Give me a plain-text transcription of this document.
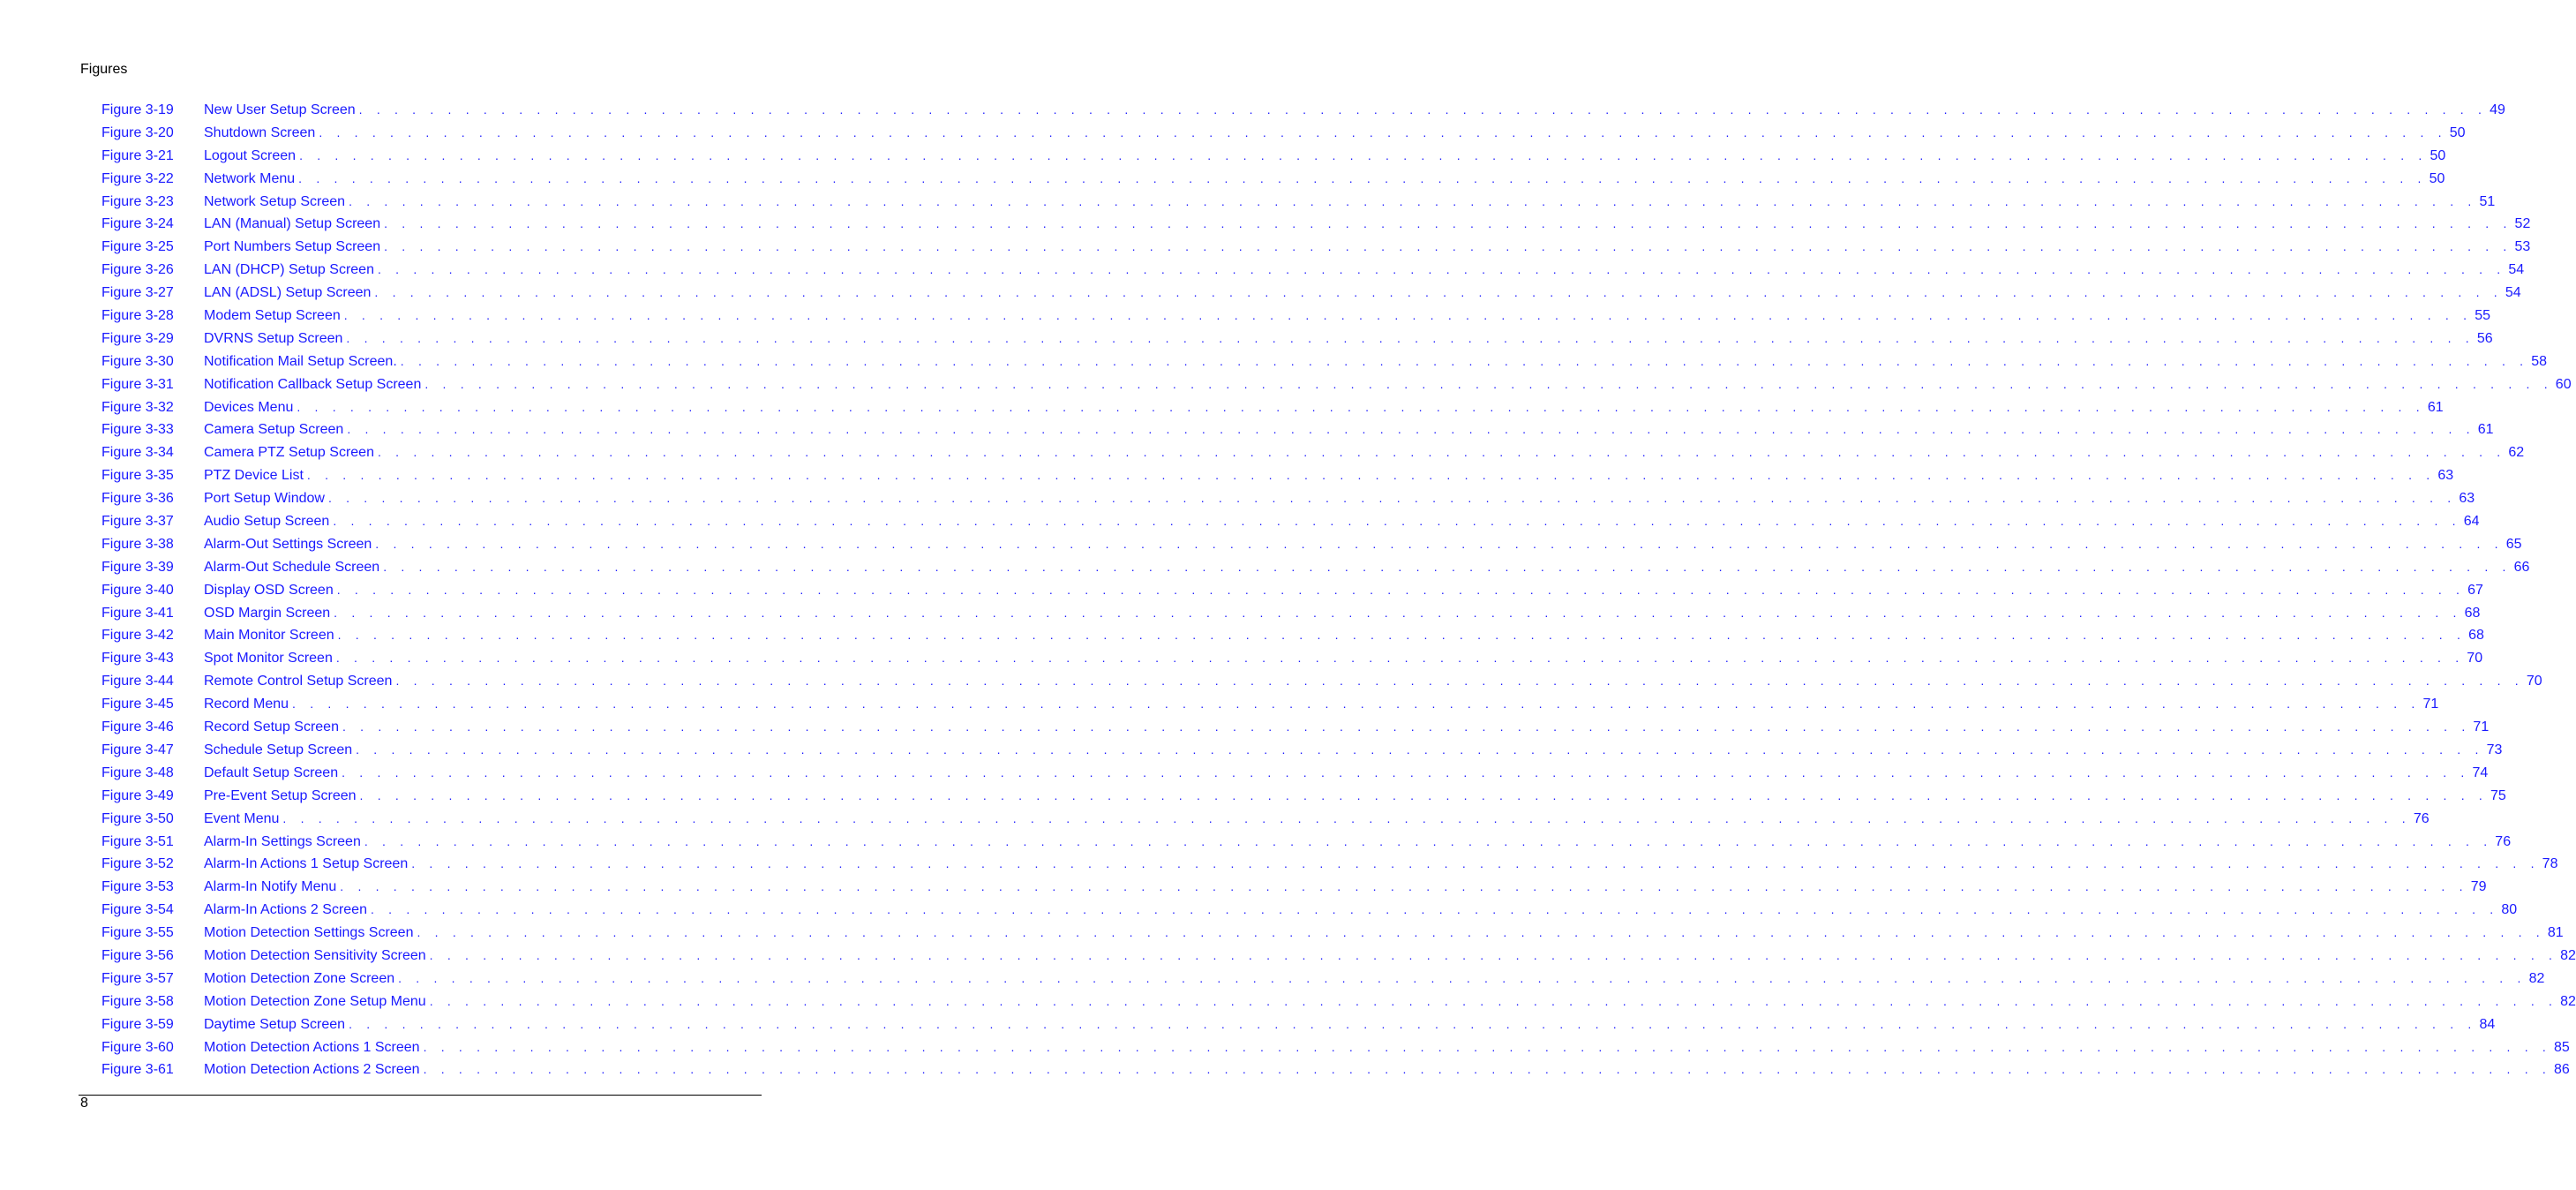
Figures
Figure 3-19	New User Setup Screen . . . . . . . . . . . . . . . . . . . . . . . . . . . . . . . . . . . . . . . . . . . . . . . . . . . . . . . . . . . . . . . . . . . . . . . . . . . . . . . . . . . . . . . . . . . . . . . . . . . . . . . . . . . . . . . . . . . . . . . . 49
Figure 3-20	Shutdown Screen . . . . . . . . . . . . . . . . . . . . . . . . . . . . . . . . . . . . . . . . . . . . . . . . . . . . . . . . . . . . . . . . . . . . . . . . . . . . . . . . . . . . . . . . . . . . . . . . . . . . . . . . . . . . . . . . . . . . . . . . 50
Figure 3-21	Logout Screen . . . . . . . . . . . . . . . . . . . . . . . . . . . . . . . . . . . . . . . . . . . . . . . . . . . . . . . . . . . . . . . . . . . . . . . . . . . . . . . . . . . . . . . . . . . . . . . . . . . . . . . . . . . . . . . . . . . . . . . . 50
Figure 3-22	Network Menu . . . . . . . . . . . . . . . . . . . . . . . . . . . . . . . . . . . . . . . . . . . . . . . . . . . . . . . . . . . . . . . . . . . . . . . . . . . . . . . . . . . . . . . . . . . . . . . . . . . . . . . . . . . . . . . . . . . . . . . . 50
Figure 3-23	Network Setup Screen . . . . . . . . . . . . . . . . . . . . . . . . . . . . . . . . . . . . . . . . . . . . . . . . . . . . . . . . . . . . . . . . . . . . . . . . . . . . . . . . . . . . . . . . . . . . . . . . . . . . . . . . . . . . . . . . . . . . . . . . 51
Figure 3-24	LAN (Manual) Setup Screen . . . . . . . . . . . . . . . . . . . . . . . . . . . . . . . . . . . . . . . . . . . . . . . . . . . . . . . . . . . . . . . . . . . . . . . . . . . . . . . . . . . . . . . . . . . . . . . . . . . . . . . . . . . . . . . . . . . . . . . . 52
Figure 3-25	Port Numbers Setup Screen . . . . . . . . . . . . . . . . . . . . . . . . . . . . . . . . . . . . . . . . . . . . . . . . . . . . . . . . . . . . . . . . . . . . . . . . . . . . . . . . . . . . . . . . . . . . . . . . . . . . . . . . . . . . . . . . . . . . . . . . 53
Figure 3-26	LAN (DHCP) Setup Screen . . . . . . . . . . . . . . . . . . . . . . . . . . . . . . . . . . . . . . . . . . . . . . . . . . . . . . . . . . . . . . . . . . . . . . . . . . . . . . . . . . . . . . . . . . . . . . . . . . . . . . . . . . . . . . . . . . . . . . . . 54
Figure 3-27	LAN (ADSL) Setup Screen . . . . . . . . . . . . . . . . . . . . . . . . . . . . . . . . . . . . . . . . . . . . . . . . . . . . . . . . . . . . . . . . . . . . . . . . . . . . . . . . . . . . . . . . . . . . . . . . . . . . . . . . . . . . . . . . . . . . . . . . 54
Figure 3-28	Modem Setup Screen . . . . . . . . . . . . . . . . . . . . . . . . . . . . . . . . . . . . . . . . . . . . . . . . . . . . . . . . . . . . . . . . . . . . . . . . . . . . . . . . . . . . . . . . . . . . . . . . . . . . . . . . . . . . . . . . . . . . . . . . 55
Figure 3-29	DVRNS Setup Screen . . . . . . . . . . . . . . . . . . . . . . . . . . . . . . . . . . . . . . . . . . . . . . . . . . . . . . . . . . . . . . . . . . . . . . . . . . . . . . . . . . . . . . . . . . . . . . . . . . . . . . . . . . . . . . . . . . . . . . . . 56
Figure 3-30	Notification Mail Setup Screen. . . . . . . . . . . . . . . . . . . . . . . . . . . . . . . . . . . . . . . . . . . . . . . . . . . . . . . . . . . . . . . . . . . . . . . . . . . . . . . . . . . . . . . . . . . . . . . . . . . . . . . . . . . . . . . . . . . . . . . . . 58
Figure 3-31	Notification Callback Setup Screen . . . . . . . . . . . . . . . . . . . . . . . . . . . . . . . . . . . . . . . . . . . . . . . . . . . . . . . . . . . . . . . . . . . . . . . . . . . . . . . . . . . . . . . . . . . . . . . . . . . . . . . . . . . . . . . . . . . . . . . . 60
Figure 3-32	Devices Menu . . . . . . . . . . . . . . . . . . . . . . . . . . . . . . . . . . . . . . . . . . . . . . . . . . . . . . . . . . . . . . . . . . . . . . . . . . . . . . . . . . . . . . . . . . . . . . . . . . . . . . . . . . . . . . . . . . . . . . . . 61
Figure 3-33	Camera Setup Screen . . . . . . . . . . . . . . . . . . . . . . . . . . . . . . . . . . . . . . . . . . . . . . . . . . . . . . . . . . . . . . . . . . . . . . . . . . . . . . . . . . . . . . . . . . . . . . . . . . . . . . . . . . . . . . . . . . . . . . . . 61
Figure 3-34	Camera PTZ Setup Screen . . . . . . . . . . . . . . . . . . . . . . . . . . . . . . . . . . . . . . . . . . . . . . . . . . . . . . . . . . . . . . . . . . . . . . . . . . . . . . . . . . . . . . . . . . . . . . . . . . . . . . . . . . . . . . . . . . . . . . . . 62
Figure 3-35	PTZ Device List . . . . . . . . . . . . . . . . . . . . . . . . . . . . . . . . . . . . . . . . . . . . . . . . . . . . . . . . . . . . . . . . . . . . . . . . . . . . . . . . . . . . . . . . . . . . . . . . . . . . . . . . . . . . . . . . . . . . . . . . 63
Figure 3-36	Port Setup Window . . . . . . . . . . . . . . . . . . . . . . . . . . . . . . . . . . . . . . . . . . . . . . . . . . . . . . . . . . . . . . . . . . . . . . . . . . . . . . . . . . . . . . . . . . . . . . . . . . . . . . . . . . . . . . . . . . . . . . . . 63
Figure 3-37	Audio Setup Screen . . . . . . . . . . . . . . . . . . . . . . . . . . . . . . . . . . . . . . . . . . . . . . . . . . . . . . . . . . . . . . . . . . . . . . . . . . . . . . . . . . . . . . . . . . . . . . . . . . . . . . . . . . . . . . . . . . . . . . . . 64
Figure 3-38	Alarm-Out Settings Screen . . . . . . . . . . . . . . . . . . . . . . . . . . . . . . . . . . . . . . . . . . . . . . . . . . . . . . . . . . . . . . . . . . . . . . . . . . . . . . . . . . . . . . . . . . . . . . . . . . . . . . . . . . . . . . . . . . . . . . . . 65
Figure 3-39	Alarm-Out Schedule Screen . . . . . . . . . . . . . . . . . . . . . . . . . . . . . . . . . . . . . . . . . . . . . . . . . . . . . . . . . . . . . . . . . . . . . . . . . . . . . . . . . . . . . . . . . . . . . . . . . . . . . . . . . . . . . . . . . . . . . . . . 66
Figure 3-40	Display OSD Screen . . . . . . . . . . . . . . . . . . . . . . . . . . . . . . . . . . . . . . . . . . . . . . . . . . . . . . . . . . . . . . . . . . . . . . . . . . . . . . . . . . . . . . . . . . . . . . . . . . . . . . . . . . . . . . . . . . . . . . . . 67
Figure 3-41	OSD Margin Screen . . . . . . . . . . . . . . . . . . . . . . . . . . . . . . . . . . . . . . . . . . . . . . . . . . . . . . . . . . . . . . . . . . . . . . . . . . . . . . . . . . . . . . . . . . . . . . . . . . . . . . . . . . . . . . . . . . . . . . . . 68
Figure 3-42	Main Monitor Screen . . . . . . . . . . . . . . . . . . . . . . . . . . . . . . . . . . . . . . . . . . . . . . . . . . . . . . . . . . . . . . . . . . . . . . . . . . . . . . . . . . . . . . . . . . . . . . . . . . . . . . . . . . . . . . . . . . . . . . . . 68
Figure 3-43	Spot Monitor Screen . . . . . . . . . . . . . . . . . . . . . . . . . . . . . . . . . . . . . . . . . . . . . . . . . . . . . . . . . . . . . . . . . . . . . . . . . . . . . . . . . . . . . . . . . . . . . . . . . . . . . . . . . . . . . . . . . . . . . . . . 70
Figure 3-44	Remote Control Setup Screen . . . . . . . . . . . . . . . . . . . . . . . . . . . . . . . . . . . . . . . . . . . . . . . . . . . . . . . . . . . . . . . . . . . . . . . . . . . . . . . . . . . . . . . . . . . . . . . . . . . . . . . . . . . . . . . . . . . . . . . . 70
Figure 3-45	Record Menu . . . . . . . . . . . . . . . . . . . . . . . . . . . . . . . . . . . . . . . . . . . . . . . . . . . . . . . . . . . . . . . . . . . . . . . . . . . . . . . . . . . . . . . . . . . . . . . . . . . . . . . . . . . . . . . . . . . . . . . . 71
Figure 3-46	Record Setup Screen . . . . . . . . . . . . . . . . . . . . . . . . . . . . . . . . . . . . . . . . . . . . . . . . . . . . . . . . . . . . . . . . . . . . . . . . . . . . . . . . . . . . . . . . . . . . . . . . . . . . . . . . . . . . . . . . . . . . . . . . 71
Figure 3-47	Schedule Setup Screen . . . . . . . . . . . . . . . . . . . . . . . . . . . . . . . . . . . . . . . . . . . . . . . . . . . . . . . . . . . . . . . . . . . . . . . . . . . . . . . . . . . . . . . . . . . . . . . . . . . . . . . . . . . . . . . . . . . . . . . . 73
Figure 3-48	Default Setup Screen . . . . . . . . . . . . . . . . . . . . . . . . . . . . . . . . . . . . . . . . . . . . . . . . . . . . . . . . . . . . . . . . . . . . . . . . . . . . . . . . . . . . . . . . . . . . . . . . . . . . . . . . . . . . . . . . . . . . . . . . 74
Figure 3-49	Pre-Event Setup Screen . . . . . . . . . . . . . . . . . . . . . . . . . . . . . . . . . . . . . . . . . . . . . . . . . . . . . . . . . . . . . . . . . . . . . . . . . . . . . . . . . . . . . . . . . . . . . . . . . . . . . . . . . . . . . . . . . . . . . . . . 75
Figure 3-50	Event Menu . . . . . . . . . . . . . . . . . . . . . . . . . . . . . . . . . . . . . . . . . . . . . . . . . . . . . . . . . . . . . . . . . . . . . . . . . . . . . . . . . . . . . . . . . . . . . . . . . . . . . . . . . . . . . . . . . . . . . . . . 76
Figure 3-51	Alarm-In Settings Screen . . . . . . . . . . . . . . . . . . . . . . . . . . . . . . . . . . . . . . . . . . . . . . . . . . . . . . . . . . . . . . . . . . . . . . . . . . . . . . . . . . . . . . . . . . . . . . . . . . . . . . . . . . . . . . . . . . . . . . . . 76
Figure 3-52	Alarm-In Actions 1 Setup Screen . . . . . . . . . . . . . . . . . . . . . . . . . . . . . . . . . . . . . . . . . . . . . . . . . . . . . . . . . . . . . . . . . . . . . . . . . . . . . . . . . . . . . . . . . . . . . . . . . . . . . . . . . . . . . . . . . . . . . . . . 78
Figure 3-53	Alarm-In Notify Menu . . . . . . . . . . . . . . . . . . . . . . . . . . . . . . . . . . . . . . . . . . . . . . . . . . . . . . . . . . . . . . . . . . . . . . . . . . . . . . . . . . . . . . . . . . . . . . . . . . . . . . . . . . . . . . . . . . . . . . . . 79
Figure 3-54	Alarm-In Actions 2 Screen . . . . . . . . . . . . . . . . . . . . . . . . . . . . . . . . . . . . . . . . . . . . . . . . . . . . . . . . . . . . . . . . . . . . . . . . . . . . . . . . . . . . . . . . . . . . . . . . . . . . . . . . . . . . . . . . . . . . . . . . 80
Figure 3-55	Motion Detection Settings Screen . . . . . . . . . . . . . . . . . . . . . . . . . . . . . . . . . . . . . . . . . . . . . . . . . . . . . . . . . . . . . . . . . . . . . . . . . . . . . . . . . . . . . . . . . . . . . . . . . . . . . . . . . . . . . . . . . . . . . . . . 81
Figure 3-56	Motion Detection Sensitivity Screen . . . . . . . . . . . . . . . . . . . . . . . . . . . . . . . . . . . . . . . . . . . . . . . . . . . . . . . . . . . . . . . . . . . . . . . . . . . . . . . . . . . . . . . . . . . . . . . . . . . . . . . . . . . . . . . . . . . . . . . . 82
Figure 3-57	Motion Detection Zone Screen . . . . . . . . . . . . . . . . . . . . . . . . . . . . . . . . . . . . . . . . . . . . . . . . . . . . . . . . . . . . . . . . . . . . . . . . . . . . . . . . . . . . . . . . . . . . . . . . . . . . . . . . . . . . . . . . . . . . . . . . 82
Figure 3-58	Motion Detection Zone Setup Menu . . . . . . . . . . . . . . . . . . . . . . . . . . . . . . . . . . . . . . . . . . . . . . . . . . . . . . . . . . . . . . . . . . . . . . . . . . . . . . . . . . . . . . . . . . . . . . . . . . . . . . . . . . . . . . . . . . . . . . . . 82
Figure 3-59	Daytime Setup Screen . . . . . . . . . . . . . . . . . . . . . . . . . . . . . . . . . . . . . . . . . . . . . . . . . . . . . . . . . . . . . . . . . . . . . . . . . . . . . . . . . . . . . . . . . . . . . . . . . . . . . . . . . . . . . . . . . . . . . . . . 84
Figure 3-60	Motion Detection Actions 1 Screen . . . . . . . . . . . . . . . . . . . . . . . . . . . . . . . . . . . . . . . . . . . . . . . . . . . . . . . . . . . . . . . . . . . . . . . . . . . . . . . . . . . . . . . . . . . . . . . . . . . . . . . . . . . . . . . . . . . . . . . . 85
Figure 3-61	Motion Detection Actions 2 Screen . . . . . . . . . . . . . . . . . . . . . . . . . . . . . . . . . . . . . . . . . . . . . . . . . . . . . . . . . . . . . . . . . . . . . . . . . . . . . . . . . . . . . . . . . . . . . . . . . . . . . . . . . . . . . . . . . . . . . . . . 86
8
